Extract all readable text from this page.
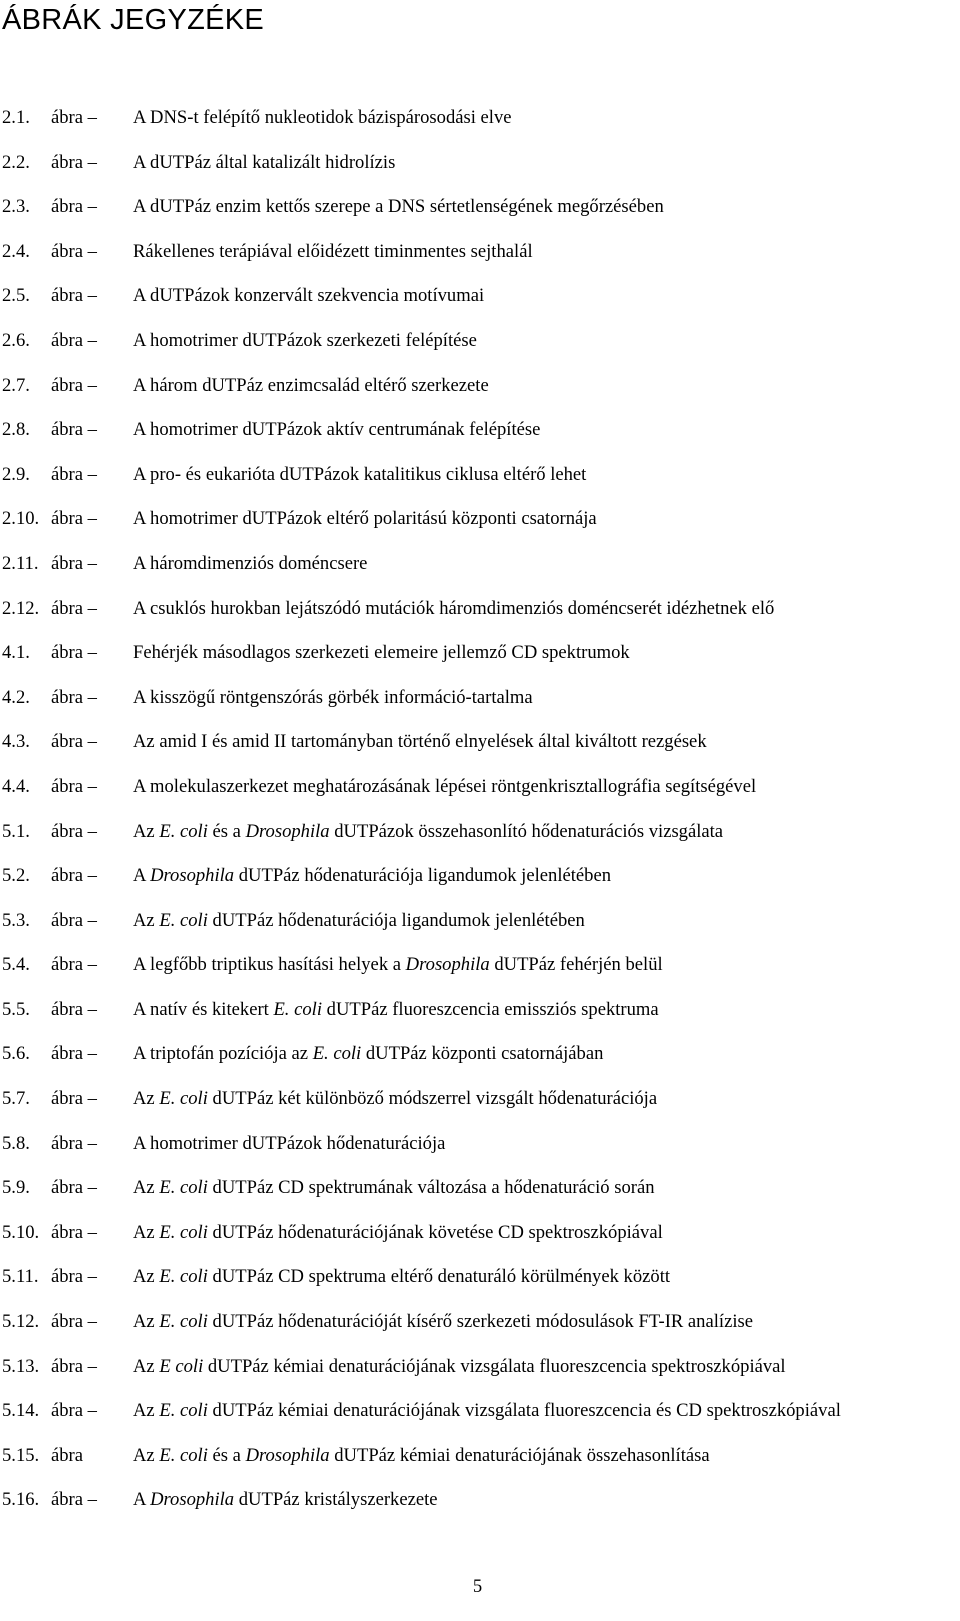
ÁBRÁK JEGYZÉKE
2.1. ábra – A DNS-t felépítő nukleotidok bázispárosodási elve
2.2. ábra – A dUTPáz által katalizált hidrolízis
2.3. ábra – A dUTPáz enzim kettős szerepe a DNS sértetlenségének megőrzésében
2.4. ábra – Rákellenes terápiával előidézett timinmentes sejthalál
2.5. ábra – A dUTPázok konzervált szekvencia motívumai
2.6. ábra – A homotrimer dUTPázok szerkezeti felépítése
2.7. ábra – A három dUTPáz enzimcsalád eltérő szerkezete
2.8. ábra – A homotrimer dUTPázok aktív centrumának felépítése
2.9. ábra – A pro- és eukarióta dUTPázok katalitikus ciklusa eltérő lehet
2.10. ábra – A homotrimer dUTPázok eltérő polaritású központi csatornája
2.11. ábra – A háromdimenziós doméncsere
2.12. ábra – A csuklós hurokban lejátszódó mutációk háromdimenziós doméncserét idézhetnek elő
4.1. ábra – Fehérjék másodlagos szerkezeti elemeire jellemző CD spektrumok
4.2. ábra – A kisszögű röntgenszórás görbék információ-tartalma
4.3. ábra – Az amid I és amid II tartományban történő elnyelések által kiváltott rezgések
4.4. ábra – A molekulaszerkezet meghatározásának lépései röntgenkrisztallográfia segítségével
5.1. ábra – Az E. coli és a Drosophila dUTPázok összehasonlító hődenaturációs vizsgálata
5.2. ábra – A Drosophila dUTPáz hődenaturációja ligandumok jelenlétében
5.3. ábra – Az E. coli dUTPáz hődenaturációja ligandumok jelenlétében
5.4. ábra – A legfőbb triptikus hasítási helyek a Drosophila dUTPáz fehérjén belül
5.5. ábra – A natív és kitekert E. coli dUTPáz fluoreszcencia emissziós spektruma
5.6. ábra – A triptofán pozíciója az E. coli dUTPáz központi csatornájában
5.7. ábra – Az E. coli dUTPáz két különböző módszerrel vizsgált hődenaturációja
5.8. ábra – A homotrimer dUTPázok hődenaturációja
5.9. ábra – Az E. coli dUTPáz CD spektrumának változása a hődenaturáció során
5.10. ábra – Az E. coli dUTPáz hődenaturációjának követése CD spektroszkópiával
5.11. ábra – Az E. coli dUTPáz CD spektruma eltérő denaturáló körülmények között
5.12. ábra – Az E. coli dUTPáz hődenaturációját kísérő szerkezeti módosulások FT-IR analízise
5.13. ábra – Az E coli dUTPáz kémiai denaturációjának vizsgálata fluoreszcencia spektroszkópiával
5.14. ábra – Az E. coli dUTPáz kémiai denaturációjának vizsgálata fluoreszcencia és CD spektroszkópiával
5.15. ábra	Az E. coli és a Drosophila dUTPáz kémiai denaturációjának összehasonlítása
5.16. ábra – A Drosophila dUTPáz kristályszerkezete
5
